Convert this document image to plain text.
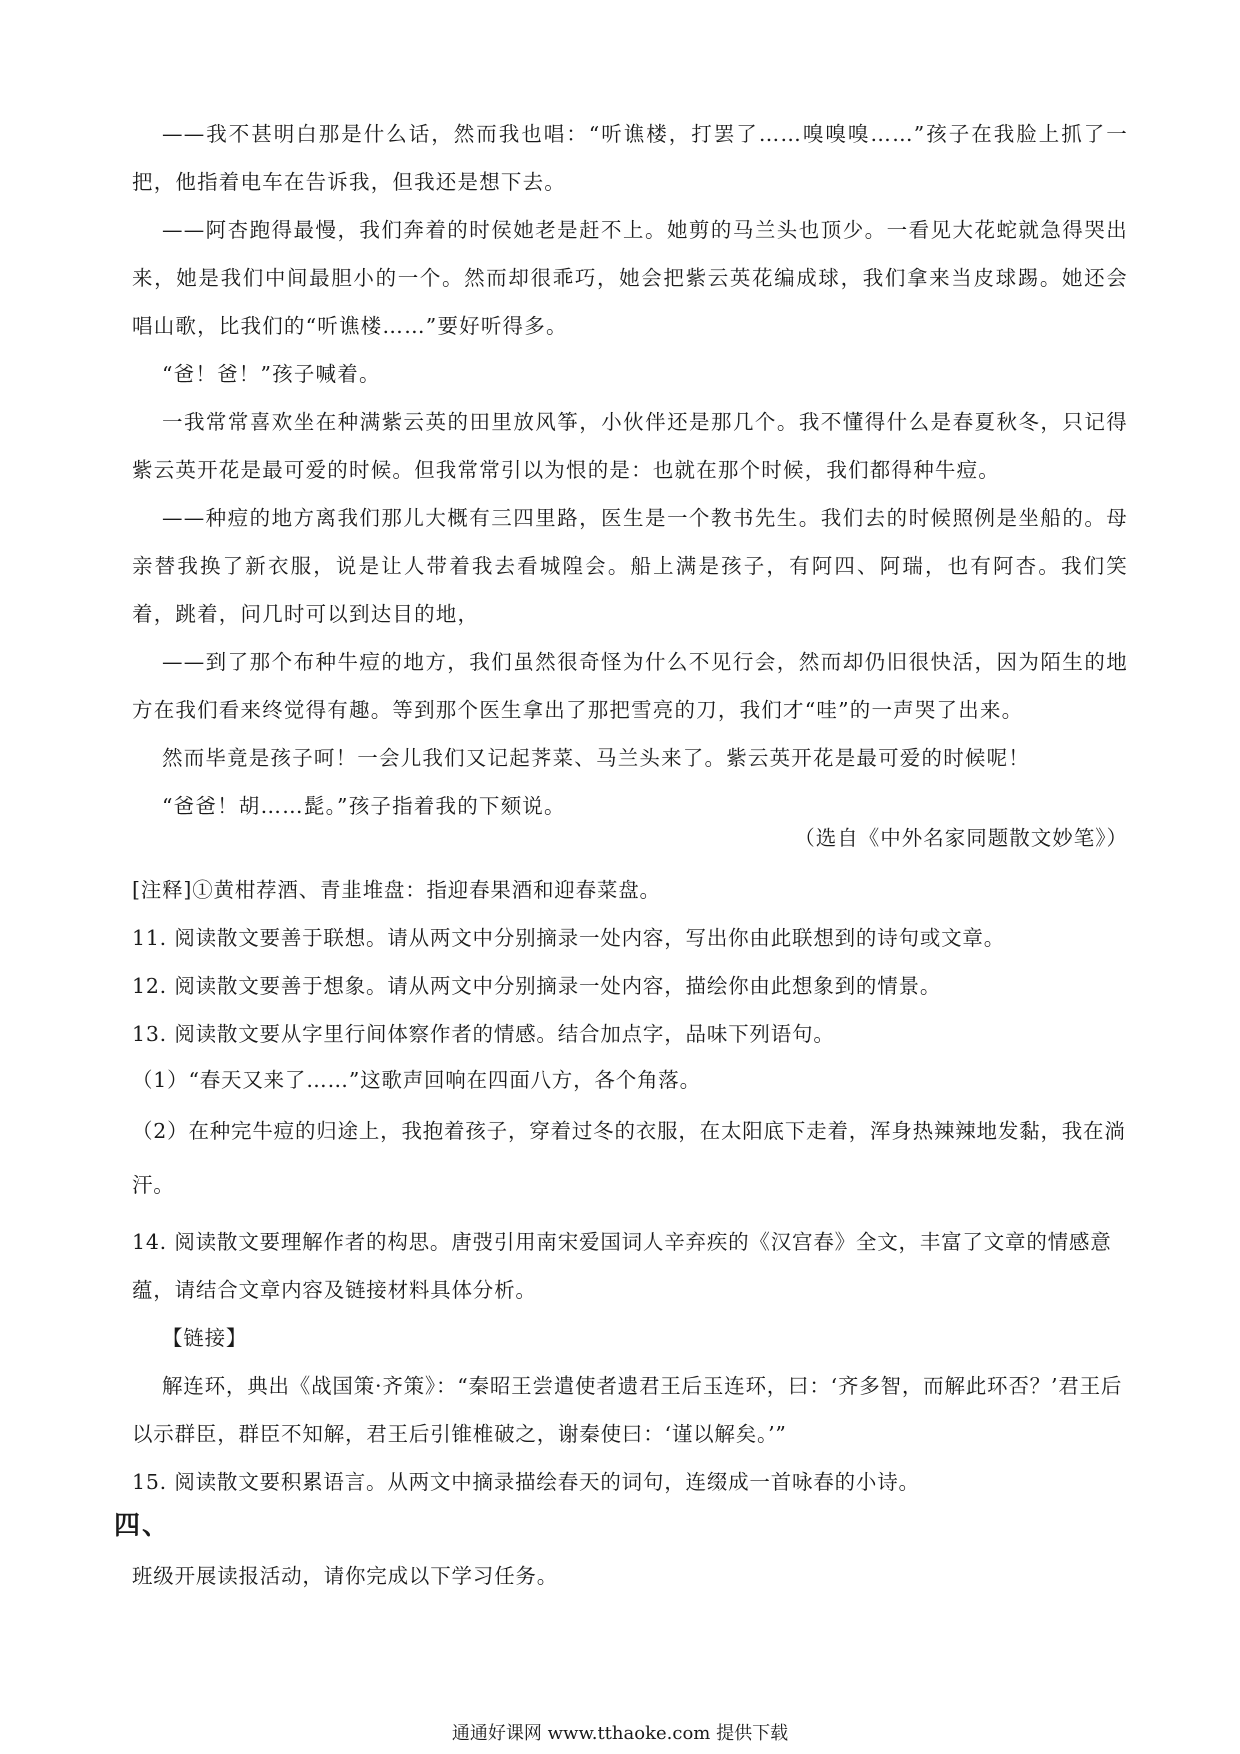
——我不甚明白那是什么话，然而我也唱：“听谯楼，打罢了……嗅嗅嗅……”孩子在我脸上抓了一把，他指着电车在告诉我，但我还是想下去。

——阿杏跑得最慢，我们奔着的时侯她老是赶不上。她剪的马兰头也顶少。一看见大花蛇就急得哭出来，她是我们中间最胆小的一个。然而却很乖巧，她会把紫云英花编成球，我们拿来当皮球踢。她还会唱山歌，比我们的“听谯楼……”要好听得多。

“爸！爸！”孩子喊着。

一我常常喜欢坐在种满紫云英的田里放风筝，小伙伴还是那几个。我不懂得什么是春夏秋冬，只记得紫云英开花是最可爱的时候。但我常常引以为恨的是：也就在那个时候，我们都得种牛痘。

——种痘的地方离我们那儿大概有三四里路，医生是一个教书先生。我们去的时候照例是坐船的。母亲替我换了新衣服，说是让人带着我去看城隍会。船上满是孩子，有阿四、阿瑞，也有阿杏。我们笑着，跳着，问几时可以到达目的地，

——到了那个布种牛痘的地方，我们虽然很奇怪为什么不见行会，然而却仍旧很快活，因为陌生的地方在我们看来终觉得有趣。等到那个医生拿出了那把雪亮的刀，我们才“哇”的一声哭了出来。

然而毕竟是孩子呵！一会儿我们又记起荠菜、马兰头来了。紫云英开花是最可爱的时候呢！

“爸爸！胡……髭。”孩子指着我的下颏说。

（选自《中外名家同题散文妙笔》）

[注释]①黄柑荐酒、青韭堆盘：指迎春果酒和迎春菜盘。

11. 阅读散文要善于联想。请从两文中分别摘录一处内容，写出你由此联想到的诗句或文章。

12. 阅读散文要善于想象。请从两文中分别摘录一处内容，描绘你由此想象到的情景。

13. 阅读散文要从字里行间体察作者的情感。结合加点字，品味下列语句。

（1）“春天又来了……”这歌声回响在四面八方，各个角落。

（2）在种完牛痘的归途上，我抱着孩子，穿着过冬的衣服，在太阳底下走着，浑身热辣辣地发黏，我在淌汗。

14. 阅读散文要理解作者的构思。唐弢引用南宋爱国词人辛弃疾的《汉宫春》全文，丰富了文章的情感意蕴，请结合文章内容及链接材料具体分析。

【链接】

解连环，典出《战国策·齐策》：“秦昭王尝遣使者遗君王后玉连环，曰：‘齐多智，而解此环否？’君王后以示群臣，群臣不知解，君王后引锥椎破之，谢秦使曰：‘谨以解矣。’”

15. 阅读散文要积累语言。从两文中摘录描绘春天的词句，连缀成一首咏春的小诗。

四、

班级开展读报活动，请你完成以下学习任务。

通通好课网 www.tthaoke.com 提供下载
